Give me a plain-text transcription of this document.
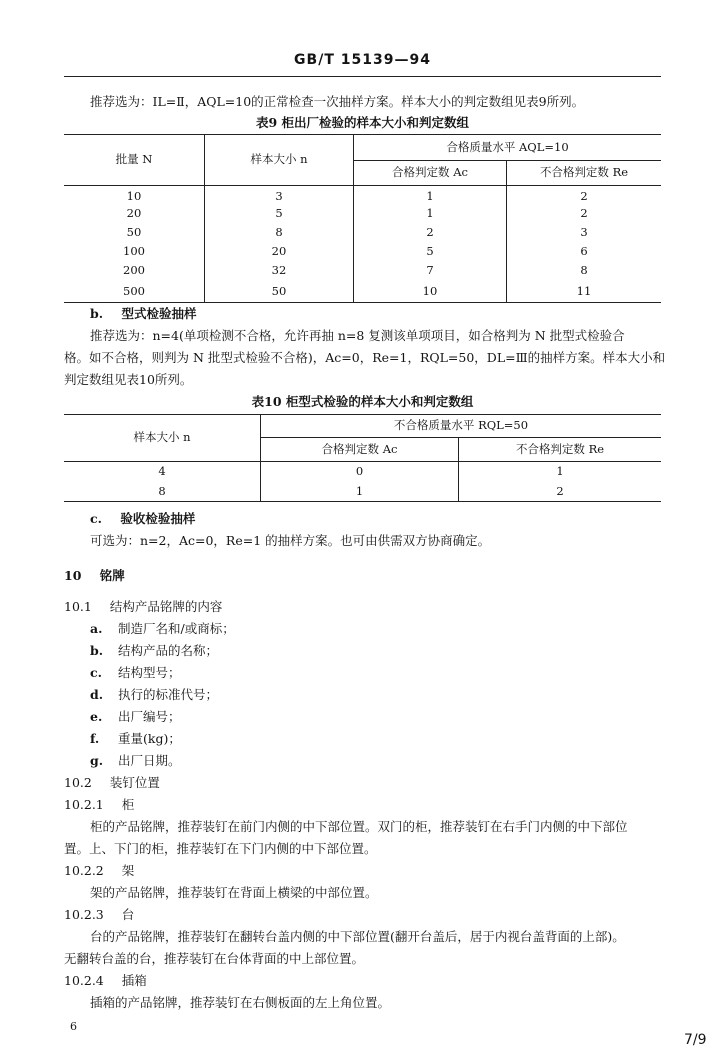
GB/T 15139—94
推荐选为：IL=Ⅱ，AQL=10的正常检查一次抽样方案。样本大小的判定数组见表9所列。
表9 柜出厂检验的样本大小和判定数组
批量 N	样本大小 n	合格质量水平 AQL=10	
		合格判定数 Ac	不合格判定数 Re
10	3	1	2
20	5	1	2
50	8	2	3
100	20	5	6
200	32	7	8
500	50	10	11
b. 型式检验抽样
推荐选为：n=4(单项检测不合格，允许再抽 n=8 复测该单项项目，如合格判为 N 批型式检验合
格。如不合格，则判为 N 批型式检验不合格)，Ac=0，Re=1，RQL=50，DL=Ⅲ的抽样方案。样本大小和
判定数组见表10所列。
表10 柜型式检验的样本大小和判定数组
样本大小 n	不合格质量水平 RQL=50	
	合格判定数 Ac	不合格判定数 Re
4	0	1
8	1	2
c. 验收检验抽样
可选为：n=2，Ac=0，Re=1 的抽样方案。也可由供需双方协商确定。
10 铭牌
10.1 结构产品铭牌的内容
a. 制造厂名和/或商标；
b. 结构产品的名称；
c. 结构型号；
d. 执行的标准代号；
e. 出厂编号；
f. 重量(kg)；
g. 出厂日期。
10.2 装钉位置
10.2.1 柜
柜的产品铭牌，推荐装钉在前门内侧的中下部位置。双门的柜，推荐装钉在右手门内侧的中下部位
置。上、下门的柜，推荐装钉在下门内侧的中下部位置。
10.2.2 架
架的产品铭牌，推荐装钉在背面上横梁的中部位置。
10.2.3 台
台的产品铭牌，推荐装钉在翻转台盖内侧的中下部位置(翻开台盖后，居于内视台盖背面的上部)。
无翻转台盖的台，推荐装钉在台体背面的中上部位置。
10.2.4 插箱
插箱的产品铭牌，推荐装钉在右侧板面的左上角位置。
6
7/9
